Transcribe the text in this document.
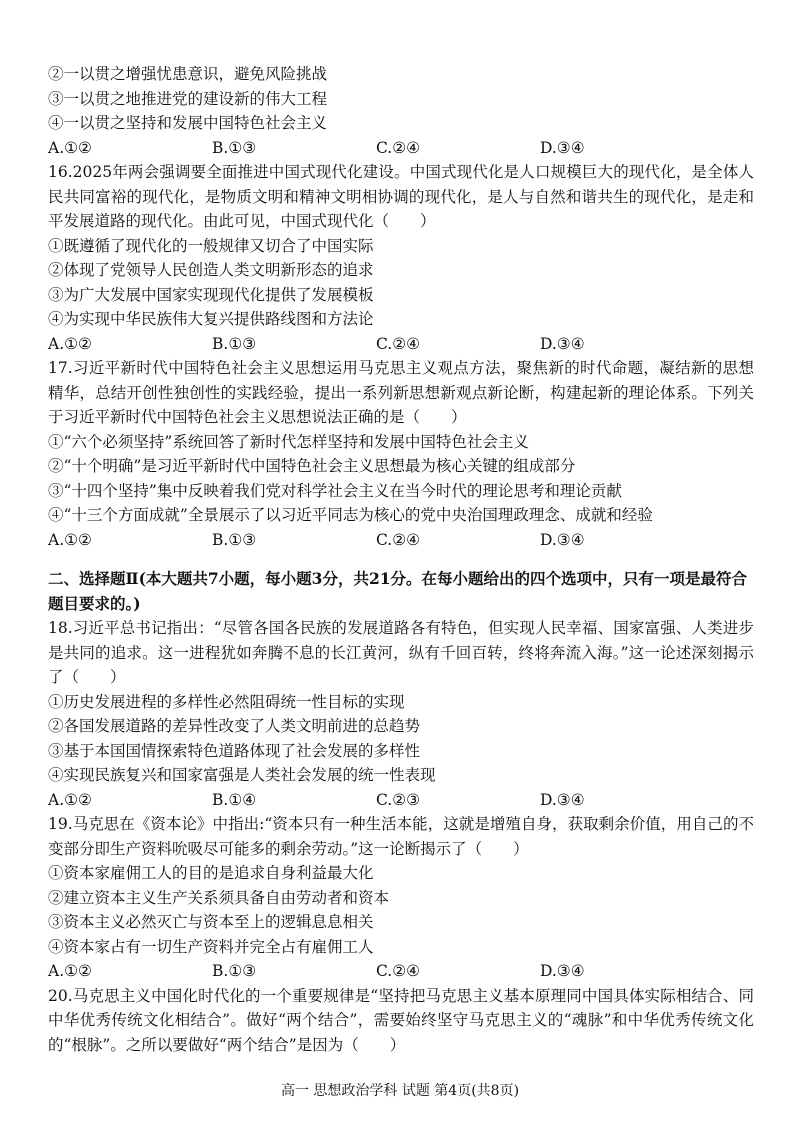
②一以贯之增强忧患意识，避免风险挑战
③一以贯之地推进党的建设新的伟大工程
④一以贯之坚持和发展中国特色社会主义
A.①②	B.①③	C.②④	D.③④
16.2025年两会强调要全面推进中国式现代化建设。中国式现代化是人口规模巨大的现代化，是全体人民共同富裕的现代化，是物质文明和精神文明相协调的现代化，是人与自然和谐共生的现代化，是走和平发展道路的现代化。由此可见，中国式现代化（　　）
①既遵循了现代化的一般规律又切合了中国实际
②体现了党领导人民创造人类文明新形态的追求
③为广大发展中国家实现现代化提供了发展模板
④为实现中华民族伟大复兴提供路线图和方法论
A.①②	B.①③	C.②④	D.③④
17.习近平新时代中国特色社会主义思想运用马克思主义观点方法，聚焦新的时代命题，凝结新的思想精华，总结开创性独创性的实践经验，提出一系列新思想新观点新论断，构建起新的理论体系。下列关于习近平新时代中国特色社会主义思想说法正确的是（　　）
①“六个必须坚持”系统回答了新时代怎样坚持和发展中国特色社会主义
②“十个明确”是习近平新时代中国特色社会主义思想最为核心关键的组成部分
③“十四个坚持”集中反映着我们党对科学社会主义在当今时代的理论思考和理论贡献
④“十三个方面成就”全景展示了以习近平同志为核心的党中央治国理政理念、成就和经验
A.①②	B.①③	C.②④	D.③④
二、选择题Ⅱ(本大题共7小题，每小题3分，共21分。在每小题给出的四个选项中，只有一项是最符合题目要求的。)
18.习近平总书记指出：“尽管各国各民族的发展道路各有特色，但实现人民幸福、国家富强、人类进步是共同的追求。这一进程犹如奔腾不息的长江黄河，纵有千回百转，终将奔流入海。”这一论述深刻揭示了（　　）
①历史发展进程的多样性必然阻碍统一性目标的实现
②各国发展道路的差异性改变了人类文明前进的总趋势
③基于本国国情探索特色道路体现了社会发展的多样性
④实现民族复兴和国家富强是人类社会发展的统一性表现
A.①②	B.①④	C.②③	D.③④
19.马克思在《资本论》中指出:“资本只有一种生活本能，这就是增殖自身，获取剩余价值，用自己的不变部分即生产资料吮吸尽可能多的剩余劳动。”这一论断揭示了（　　）
①资本家雇佣工人的目的是追求自身利益最大化
②建立资本主义生产关系须具备自由劳动者和资本
③资本主义必然灭亡与资本至上的逻辑息息相关
④资本家占有一切生产资料并完全占有雇佣工人
A.①②	B.①③	C.②④	D.③④
20.马克思主义中国化时代化的一个重要规律是“坚持把马克思主义基本原理同中国具体实际相结合、同中华优秀传统文化相结合”。做好“两个结合”，需要始终坚守马克思主义的“魂脉”和中华优秀传统文化的“根脉”。之所以要做好“两个结合”是因为（　　）
高一 思想政治学科 试题 第4页(共8页)
